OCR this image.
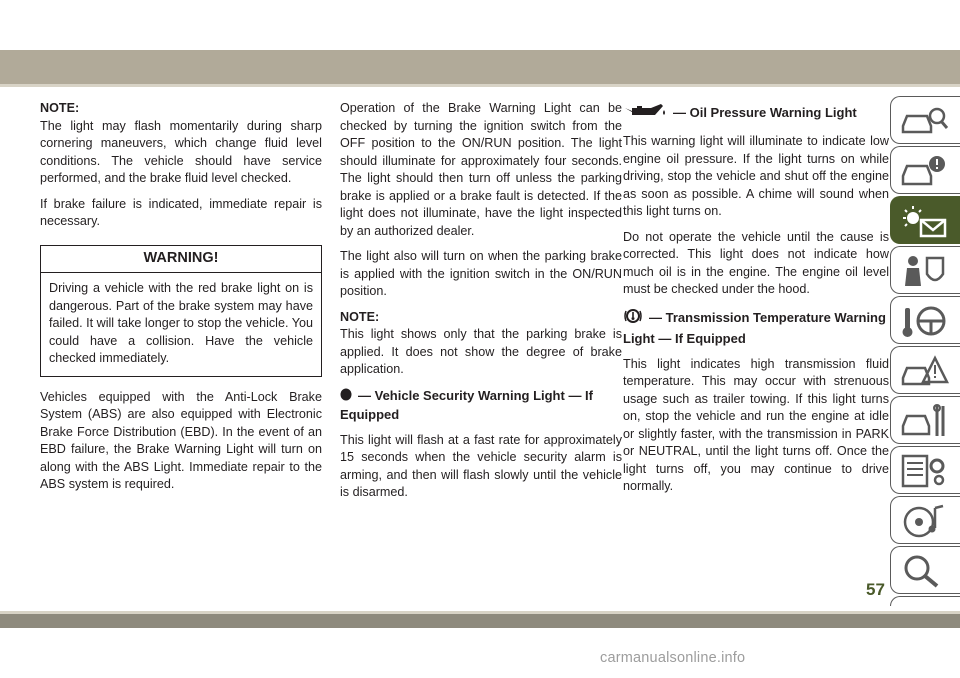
NOTE:

The light may flash momentarily during sharp cornering maneuvers, which change fluid level conditions. The vehicle should have service performed, and the brake fluid level checked.

If brake failure is indicated, immediate repair is necessary.

WARNING!
Driving a vehicle with the red brake light on is dangerous. Part of the brake system may have failed. It will take longer to stop the vehicle. You could have a collision. Have the vehicle checked immediately.

Vehicles equipped with the Anti-Lock Brake System (ABS) are also equipped with Electronic Brake Force Distribution (EBD). In the event of an EBD failure, the Brake Warning Light will turn on along with the ABS Light. Immediate repair to the ABS system is required.

Operation of the Brake Warning Light can be checked by turning the ignition switch from the OFF position to the ON/RUN position. The light should illuminate for approximately four seconds. The light should then turn off unless the parking brake is applied or a brake fault is detected. If the light does not illuminate, have the light inspected by an authorized dealer.

The light also will turn on when the parking brake is applied with the ignition switch in the ON/RUN position.

NOTE:

This light shows only that the parking brake is applied. It does not show the degree of brake application.

— Vehicle Security Warning Light — If Equipped

This light will flash at a fast rate for approximately 15 seconds when the vehicle security alarm is arming, and then will flash slowly until the vehicle is disarmed.

— Oil Pressure Warning Light

This warning light will illuminate to indicate low engine oil pressure. If the light turns on while driving, stop the vehicle and shut off the engine as soon as possible. A chime will sound when this light turns on.

Do not operate the vehicle until the cause is corrected. This light does not indicate how much oil is in the engine. The engine oil level must be checked under the hood.

— Transmission Temperature Warning Light — If Equipped

This light indicates high transmission fluid temperature. This may occur with strenuous usage such as trailer towing. If this light turns on, stop the vehicle and run the engine at idle or slightly faster, with the transmission in PARK or NEUTRAL, until the light turns off. Once the light turns off, you may continue to drive normally.

57
carmanualsonline.info
